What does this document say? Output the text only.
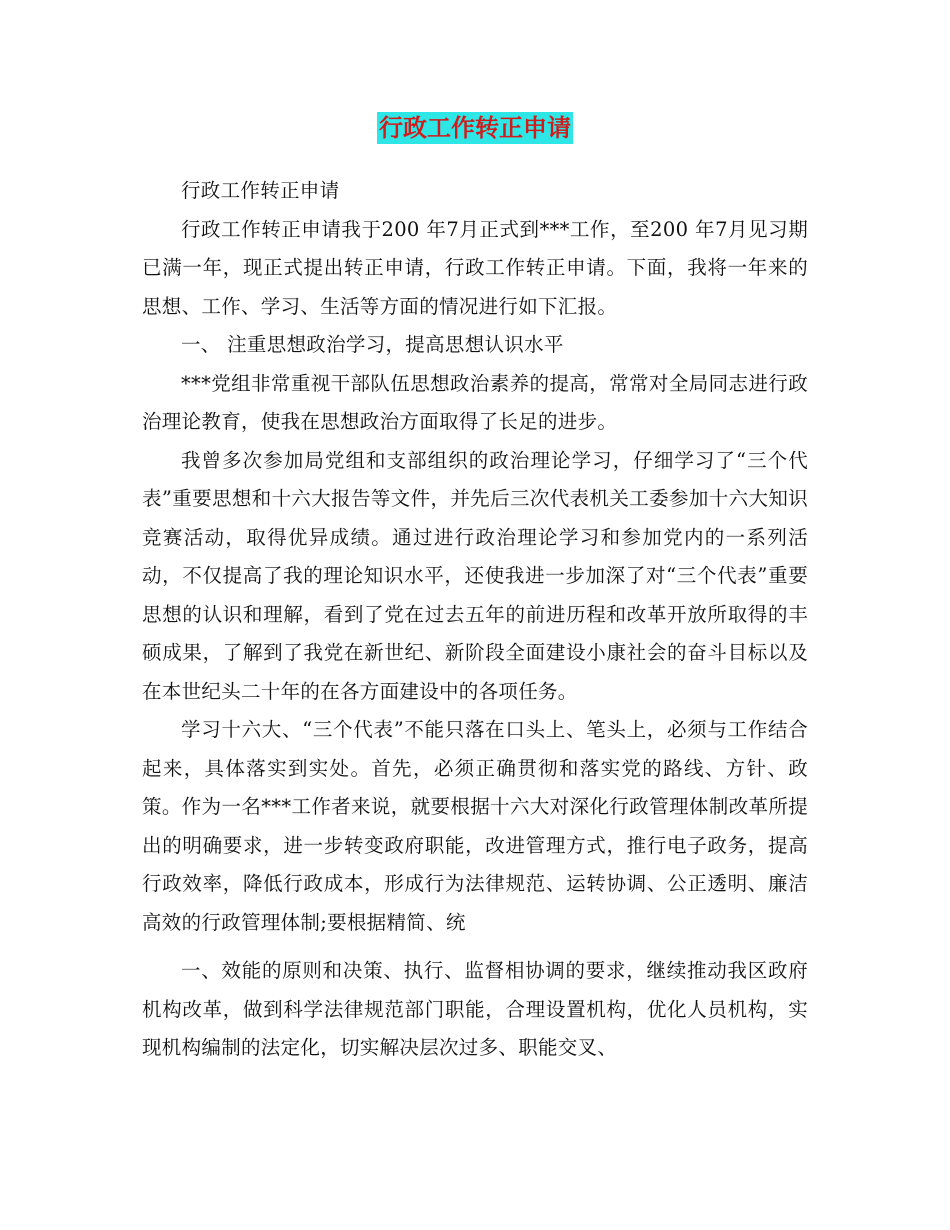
行政工作转正申请

行政工作转正申请

行政工作转正申请我于200 年7月正式到***工作，至200 年7月见习期已满一年，现正式提出转正申请，行政工作转正申请。下面，我将一年来的思想、工作、学习、生活等方面的情况进行如下汇报。

一、 注重思想政治学习，提高思想认识水平

***党组非常重视干部队伍思想政治素养的提高，常常对全局同志进行政治理论教育，使我在思想政治方面取得了长足的进步。

我曾多次参加局党组和支部组织的政治理论学习，仔细学习了“三个代表”重要思想和十六大报告等文件，并先后三次代表机关工委参加十六大知识竞赛活动，取得优异成绩。通过进行政治理论学习和参加党内的一系列活动，不仅提高了我的理论知识水平，还使我进一步加深了对“三个代表”重要思想的认识和理解，看到了党在过去五年的前进历程和改革开放所取得的丰硕成果，了解到了我党在新世纪、新阶段全面建设小康社会的奋斗目标以及在本世纪头二十年的在各方面建设中的各项任务。

学习十六大、“三个代表”不能只落在口头上、笔头上，必须与工作结合起来，具体落实到实处。首先，必须正确贯彻和落实党的路线、方针、政策。作为一名***工作者来说，就要根据十六大对深化行政管理体制改革所提出的明确要求，进一步转变政府职能，改进管理方式，推行电子政务，提高行政效率，降低行政成本，形成行为法律规范、运转协调、公正透明、廉洁高效的行政管理体制;要根据精简、统

一、效能的原则和决策、执行、监督相协调的要求，继续推动我区政府机构改革，做到科学法律规范部门职能，合理设置机构，优化人员机构，实现机构编制的法定化，切实解决层次过多、职能交叉、
